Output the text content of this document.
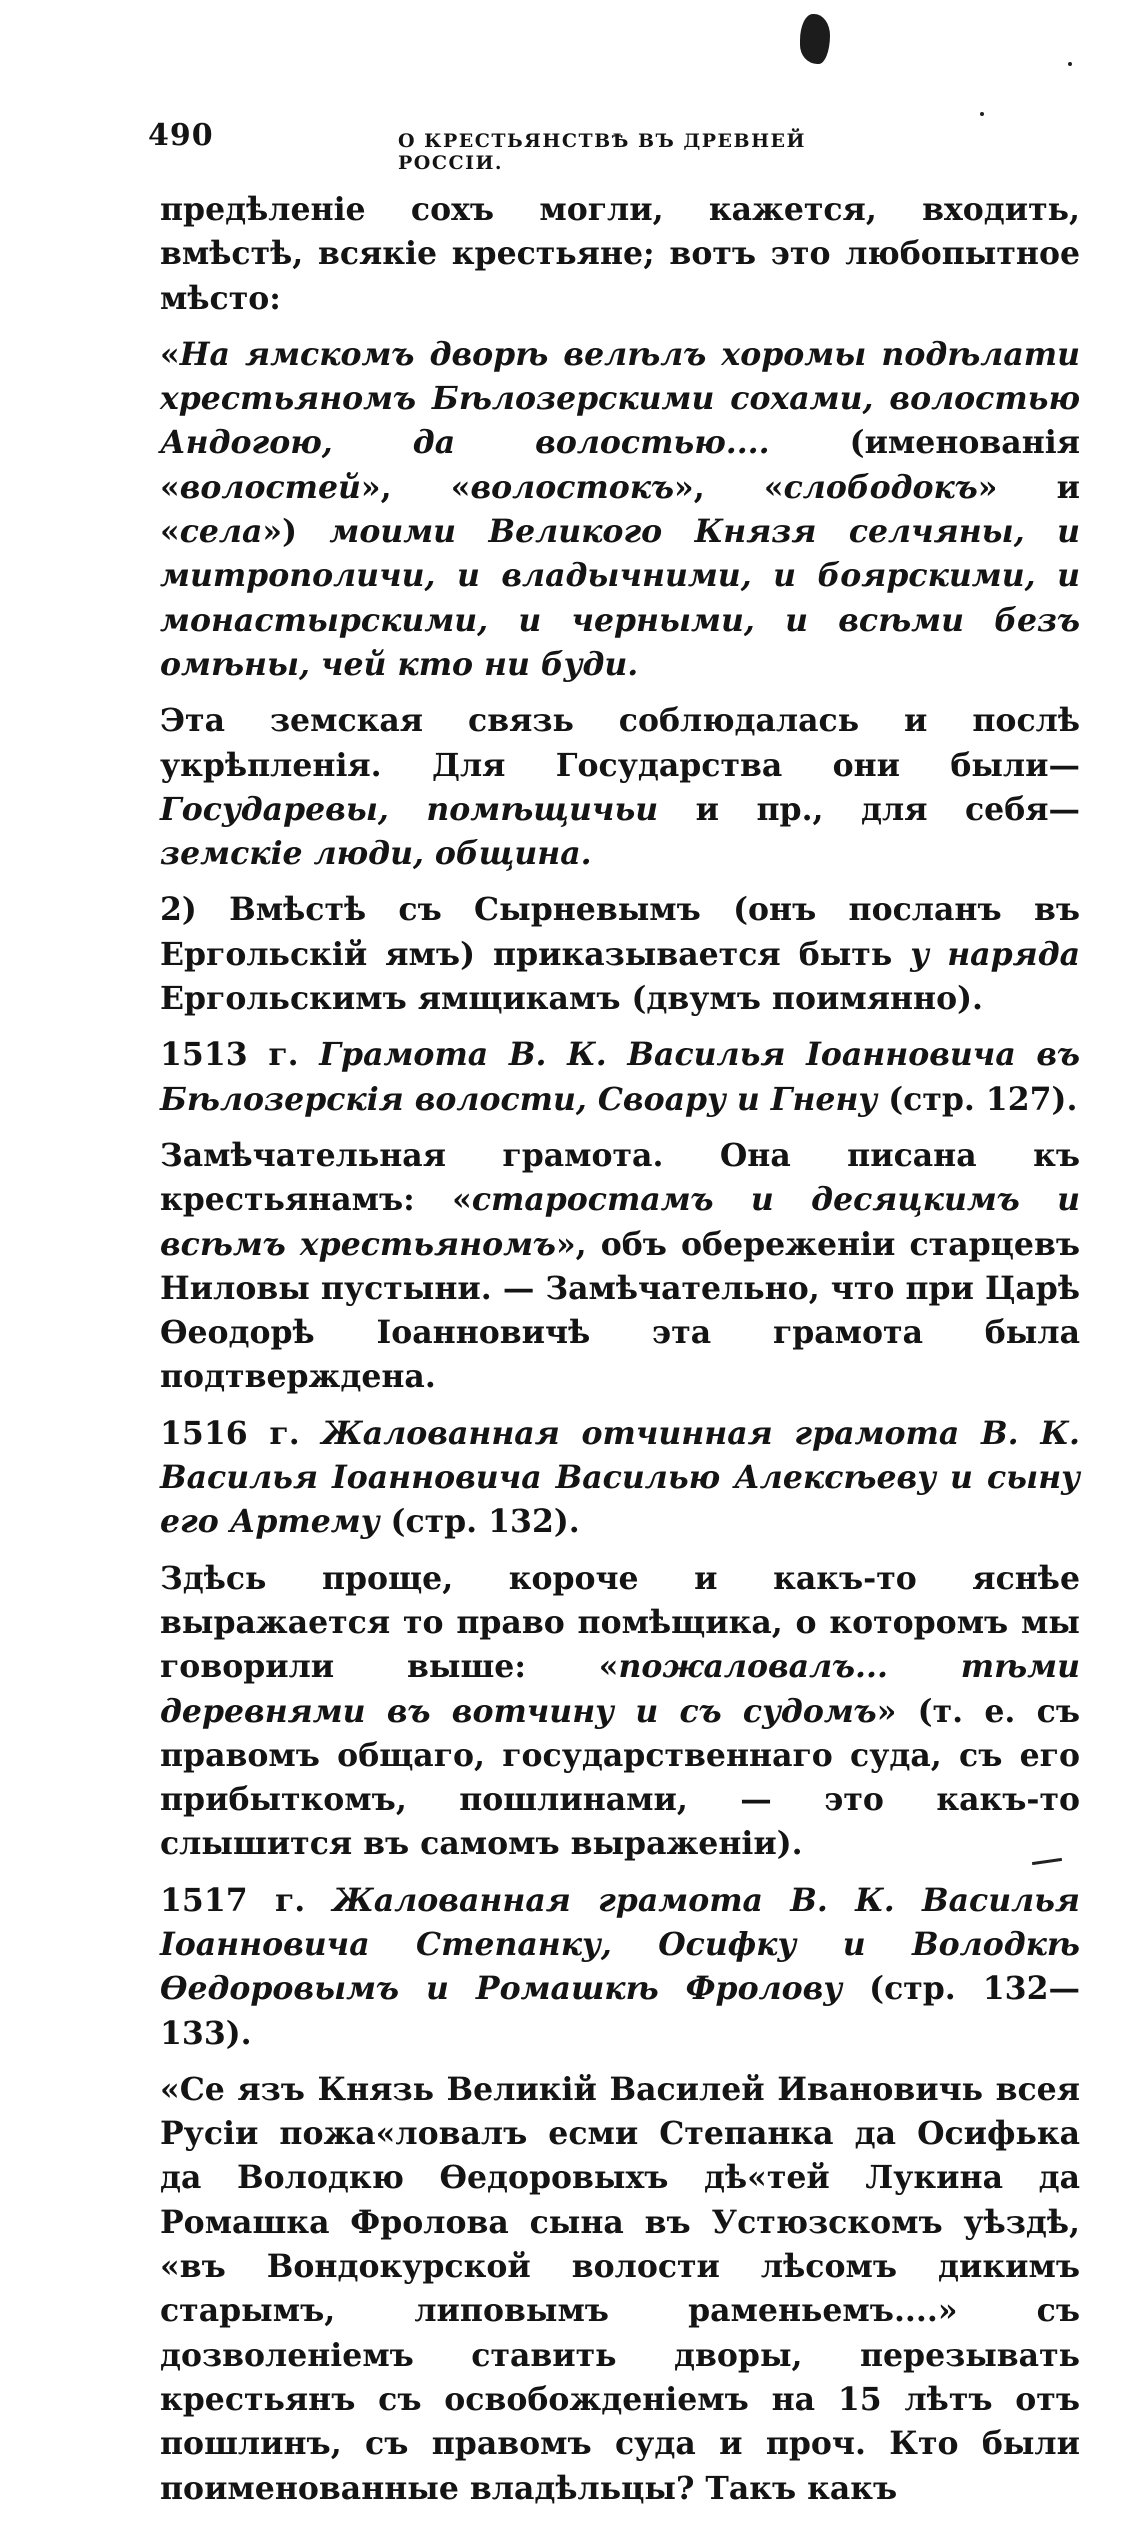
490	О КРЕСТЬЯНСТВѢ ВЪ ДРЕВНЕЙ РОССIИ.

предѣленіе сохъ могли, кажется, входить, вмѣстѣ, всякіе крестьяне; вотъ это любопытное мѣсто:

«На ямскомъ дворѣ велѣлъ хоромы подѣлати хрестьяномъ Бѣлозерскими сохами, волостью Андогою, да волостью.... (именованія «волостей», «волостокъ», «слободокъ» и «села») моими Великого Князя селчяны, и митрополичи, и владычними, и боярскими, и монастырскими, и черными, и всѣми безъ омѣны, чей кто ни буди.

Эта земская связь соблюдалась и послѣ укрѣпленія. Для Государства они были—Государевы, помѣщичьи и пр., для себя—земскіе люди, община.

2) Вмѣстѣ съ Сырневымъ (онъ посланъ въ Ергольскій ямъ) приказывается быть у наряда Ергольскимъ ямщикамъ (двумъ поимянно).

1513 г. Грамота В. К. Василья Іоанновича въ Бѣлозерскія волости, Своару и Гнену (стр. 127).

Замѣчательная грамота. Она писана къ крестьянамъ: «старостамъ и десяцкимъ и всѣмъ хрестьяномъ», объ обереженіи старцевъ Ниловы пустыни. — Замѣчательно, что при Царѣ Ѳеодорѣ Іоанновичѣ эта грамота была подтверждена.

1516 г. Жалованная отчинная грамота В. К. Василья Іоанновича Василью Алексѣеву и сыну его Артему (стр. 132).

Здѣсь проще, короче и какъ-то яснѣе выражается то право помѣщика, о которомъ мы говорили выше: «пожаловалъ... тѣми деревнями въ вотчину и съ судомъ» (т. е. съ правомъ общаго, государственнаго суда, съ его прибыткомъ, пошлинами, — это какъ-то слышится въ самомъ выраженіи).

1517 г. Жалованная грамота В. К. Василья Іоанновича Степанку, Осифку и Володкѣ Ѳедоровымъ и Ромашкѣ Фролову (стр. 132—133).

«Се язъ Князь Великій Василей Ивановичь всея Русіи пожа«ловалъ есми Степанка да Осифька да Володкю Ѳедоровыхъ дѣ«тей Лукина да Ромашка Фролова сына въ Устюзскомъ уѣздѣ, «въ Вондокурской волости лѣсомъ дикимъ старымъ, липовымъ раменьемъ....» съ дозволеніемъ ставить дворы, перезывать крестьянъ съ освобожденіемъ на 15 лѣтъ отъ пошлинъ, съ правомъ суда и проч. Кто были поименованные владѣльцы? Такъ какъ
